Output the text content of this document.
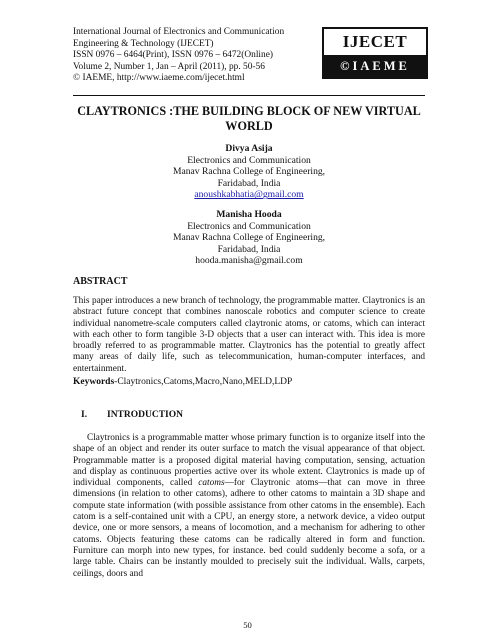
International Journal of Electronics and Communication
Engineering & Technology (IJECET)
ISSN 0976 – 6464(Print), ISSN 0976 – 6472(Online)
Volume 2, Number 1, Jan – April (2011), pp. 50-56
© IAEME, http://www.iaeme.com/ijecet.html
IJECET
©IAEME
CLAYTRONICS :THE BUILDING BLOCK OF NEW VIRTUAL
WORLD
Divya Asija
Electronics and Communication
Manav Rachna College of Engineering,
Faridabad, India
anoushkabhatia@gmail.com
Manisha Hooda
Electronics and Communication
Manav Rachna College of Engineering,
Faridabad, India
hooda.manisha@gmail.com
ABSTRACT
This paper introduces a new branch of technology, the programmable matter. Claytronics is an abstract future concept that combines nanoscale robotics and computer science to create individual nanometre-scale computers called claytronic atoms, or catoms, which can interact with each other to form tangible 3-D objects that a user can interact with. This idea is more broadly referred to as programmable matter. Claytronics has the potential to greatly affect many areas of daily life, such as telecommunication, human-computer interfaces, and entertainment.
Keywords-Claytronics,Catoms,Macro,Nano,MELD,LDP
I.	INTRODUCTION

Claytronics is a programmable matter whose primary function is to organize itself into the shape of an object and render its outer surface to match the visual appearance of that object. Programmable matter is a proposed digital material having computation, sensing, actuation and display as continuous properties active over its whole extent. Claytronics is made up of individual components, called catoms—for Claytronic atoms—that can move in three dimensions (in relation to other catoms), adhere to other catoms to maintain a 3D shape and compute state information (with possible assistance from other catoms in the ensemble). Each catom is a self-contained unit with a CPU, an energy store, a network device, a video output device, one or more sensors, a means of locomotion, and a mechanism for adhering to other catoms. Objects featuring these catoms can be radically altered in form and function. Furniture can morph into new types, for instance. bed could suddenly become a sofa, or a large table. Chairs can be instantly moulded to precisely suit the individual. Walls, carpets, ceilings, doors and

50
